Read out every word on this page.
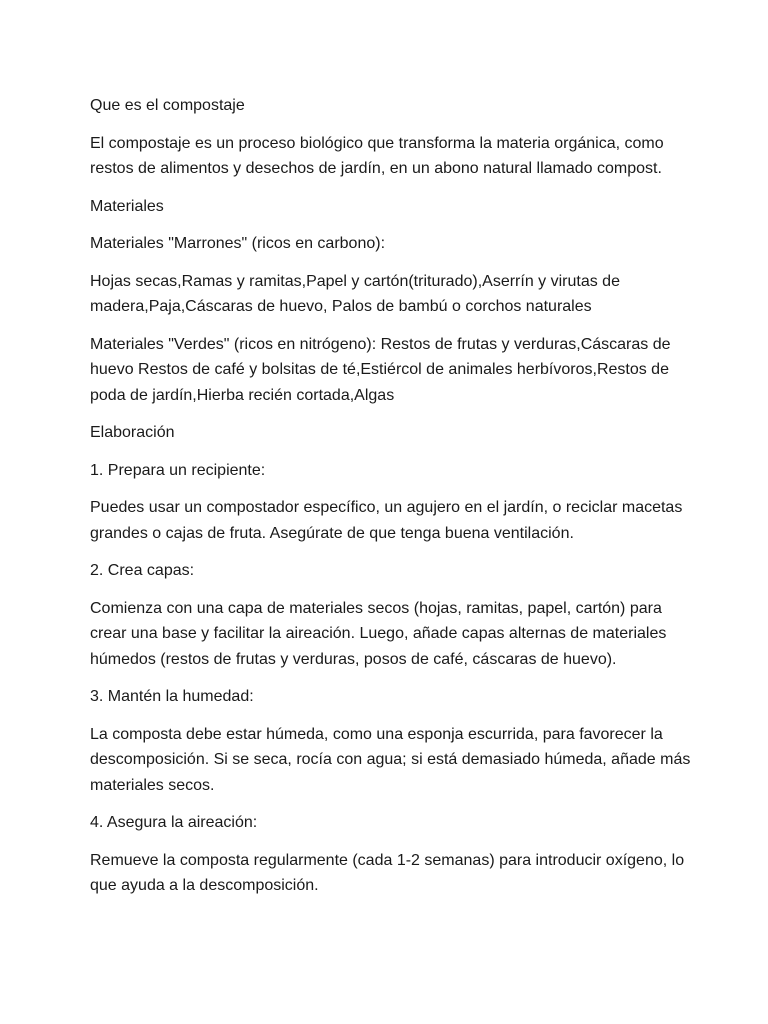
Que es el compostaje

El compostaje es un proceso biológico que transforma la materia orgánica, como restos de alimentos y desechos de jardín, en un abono natural llamado compost.

Materiales

Materiales "Marrones" (ricos en carbono):

Hojas secas,Ramas y ramitas,Papel y cartón(triturado),Aserrín y virutas de madera,Paja,Cáscaras de huevo, Palos de bambú o corchos naturales

Materiales "Verdes" (ricos en nitrógeno): Restos de frutas y verduras,Cáscaras de huevo Restos de café y bolsitas de té,Estiércol de animales herbívoros,Restos de poda de jardín,Hierba recién cortada,Algas

Elaboración

1. Prepara un recipiente:

Puedes usar un compostador específico, un agujero en el jardín, o reciclar macetas grandes o cajas de fruta. Asegúrate de que tenga buena ventilación.

2. Crea capas:

Comienza con una capa de materiales secos (hojas, ramitas, papel, cartón) para crear una base y facilitar la aireación. Luego, añade capas alternas de materiales húmedos (restos de frutas y verduras, posos de café, cáscaras de huevo).

3. Mantén la humedad:

La composta debe estar húmeda, como una esponja escurrida, para favorecer la descomposición. Si se seca, rocía con agua; si está demasiado húmeda, añade más materiales secos.

4. Asegura la aireación:

Remueve la composta regularmente (cada 1-2 semanas) para introducir oxígeno, lo que ayuda a la descomposición.
